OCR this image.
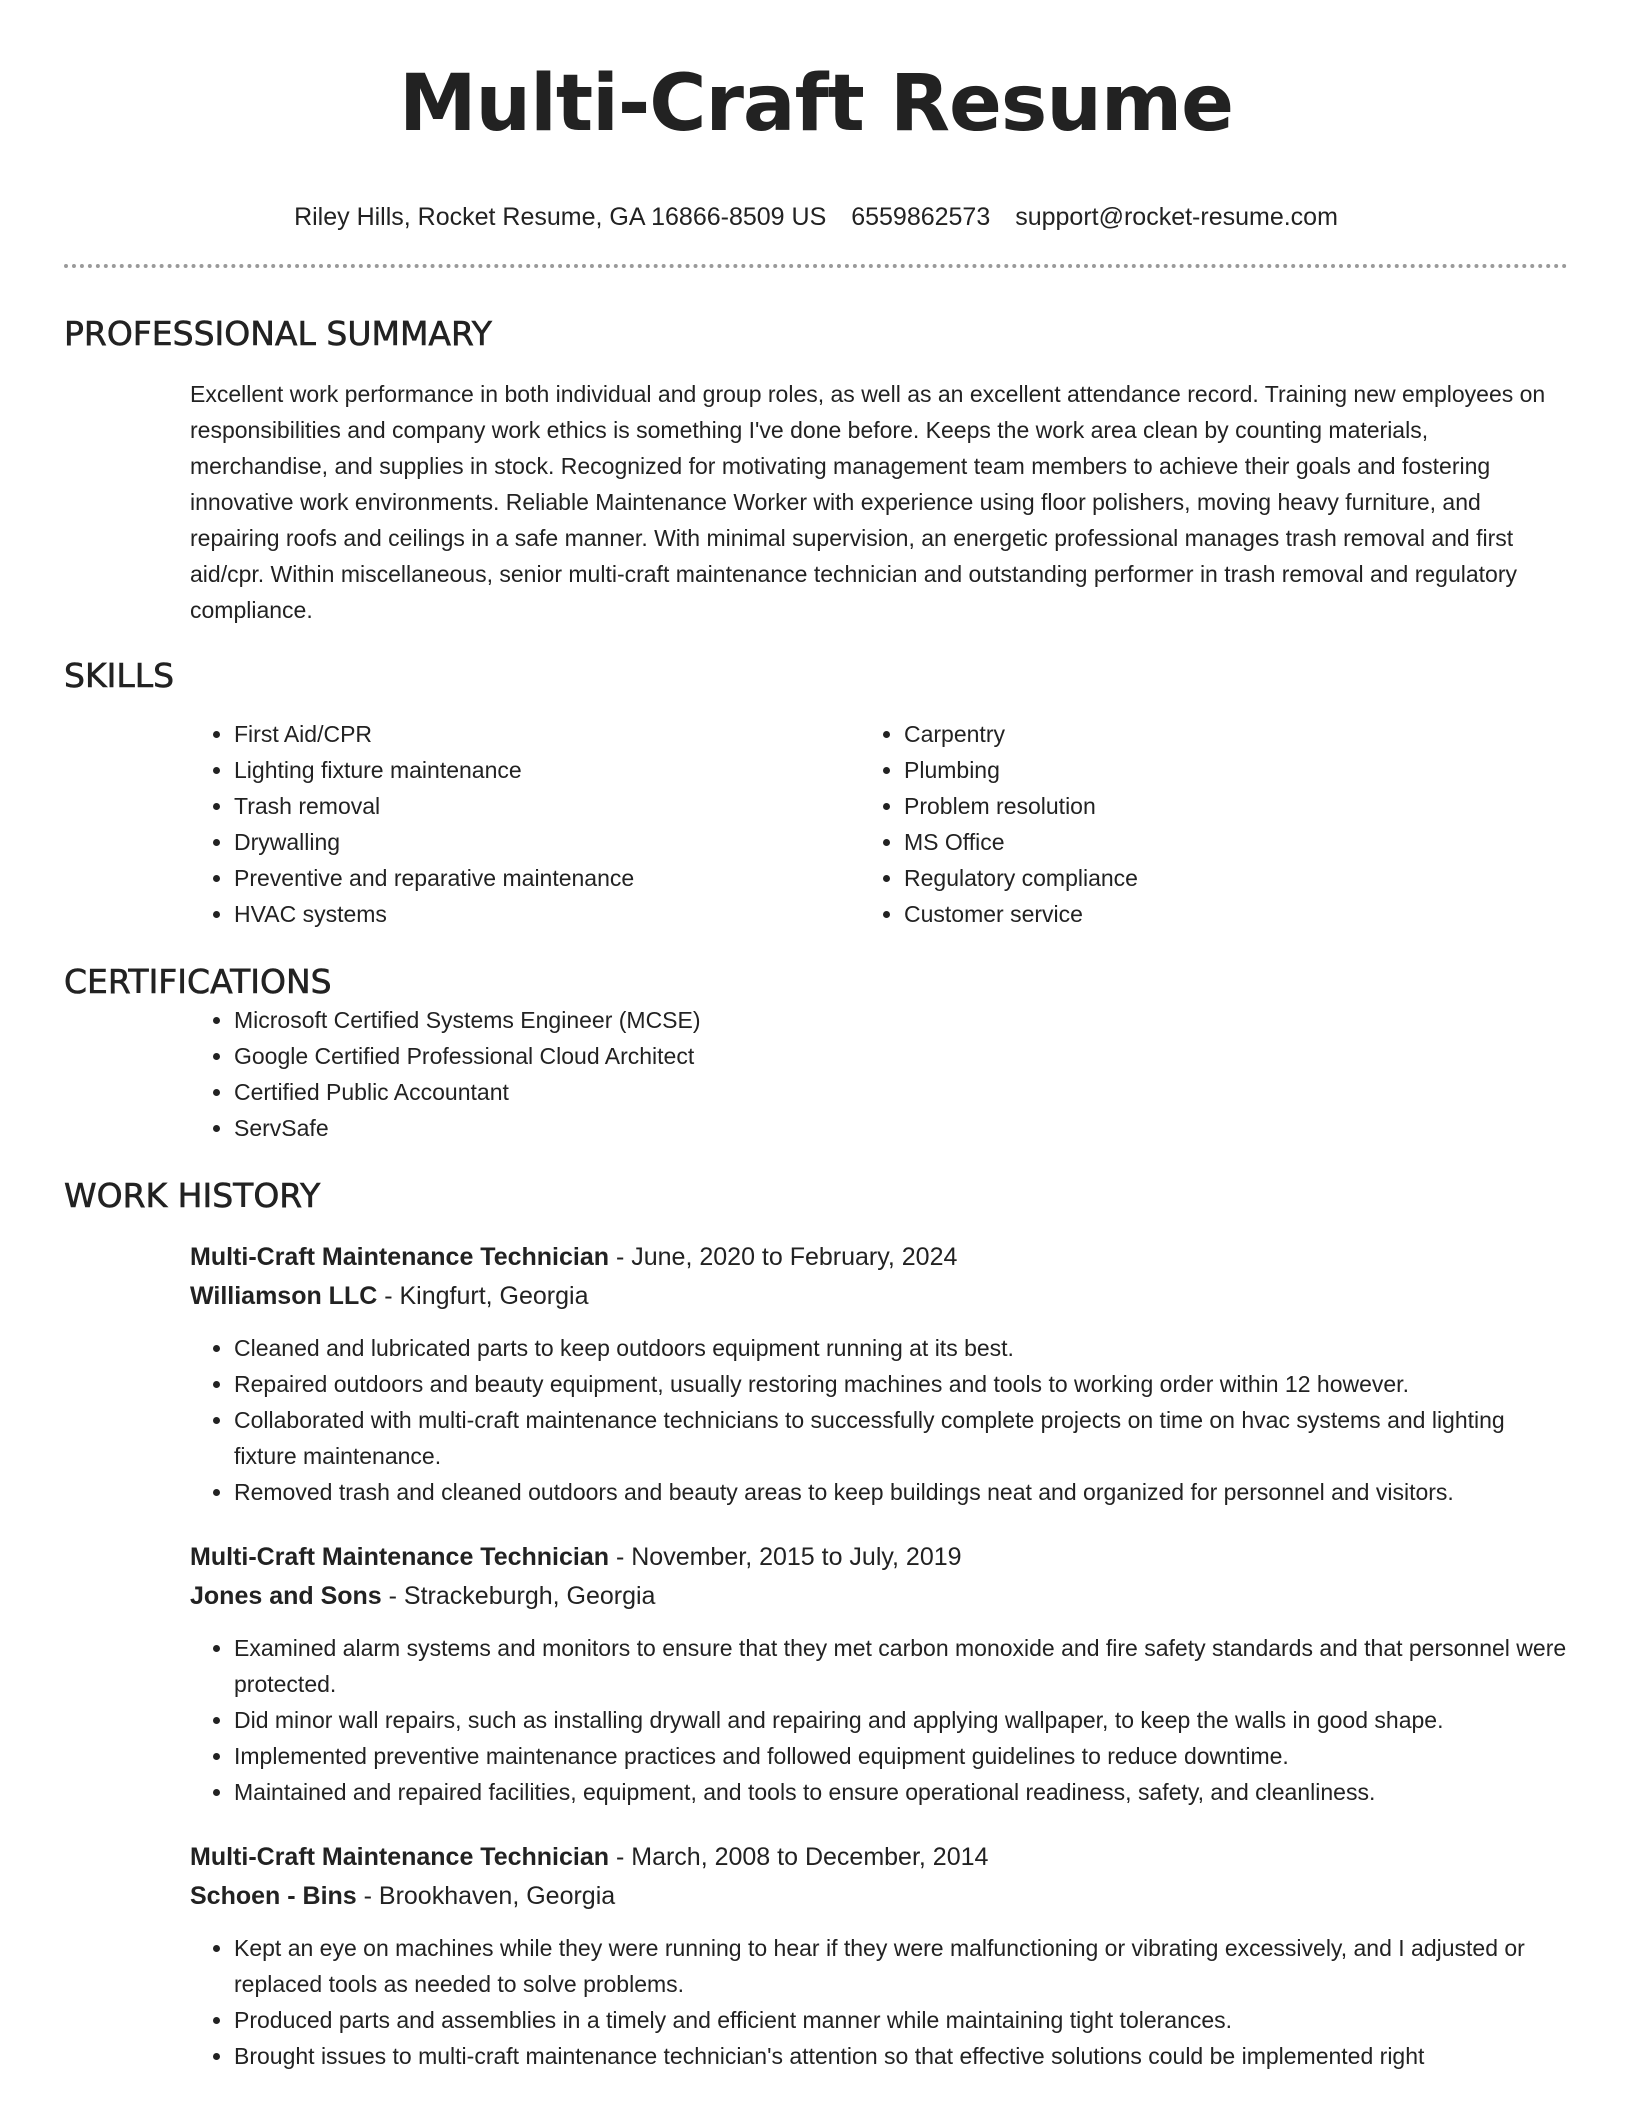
Multi-Craft Resume
Riley Hills, Rocket Resume, GA 16866-8509 US 6559862573 support@rocket-resume.com
PROFESSIONAL SUMMARY

Excellent work performance in both individual and group roles, as well as an excellent attendance record. Training new employees on responsibilities and company work ethics is something I've done before. Keeps the work area clean by counting materials, merchandise, and supplies in stock. Recognized for motivating management team members to achieve their goals and fostering innovative work environments. Reliable Maintenance Worker with experience using floor polishers, moving heavy furniture, and repairing roofs and ceilings in a safe manner. With minimal supervision, an energetic professional manages trash removal and first aid/cpr. Within miscellaneous, senior multi-craft maintenance technician and outstanding performer in trash removal and regulatory compliance.

SKILLS
• First Aid/CPR
• Lighting fixture maintenance
• Trash removal
• Drywalling
• Preventive and reparative maintenance
• HVAC systems
• Carpentry
• Plumbing
• Problem resolution
• MS Office
• Regulatory compliance
• Customer service
CERTIFICATIONS
• Microsoft Certified Systems Engineer (MCSE)
• Google Certified Professional Cloud Architect
• Certified Public Accountant
• ServSafe
WORK HISTORY
Multi-Craft Maintenance Technician - June, 2020 to February, 2024
Williamson LLC - Kingfurt, Georgia
• Cleaned and lubricated parts to keep outdoors equipment running at its best.
• Repaired outdoors and beauty equipment, usually restoring machines and tools to working order within 12 however.
• Collaborated with multi-craft maintenance technicians to successfully complete projects on time on hvac systems and lighting fixture maintenance.
• Removed trash and cleaned outdoors and beauty areas to keep buildings neat and organized for personnel and visitors.
Multi-Craft Maintenance Technician - November, 2015 to July, 2019
Jones and Sons - Strackeburgh, Georgia
• Examined alarm systems and monitors to ensure that they met carbon monoxide and fire safety standards and that personnel were protected.
• Did minor wall repairs, such as installing drywall and repairing and applying wallpaper, to keep the walls in good shape.
• Implemented preventive maintenance practices and followed equipment guidelines to reduce downtime.
• Maintained and repaired facilities, equipment, and tools to ensure operational readiness, safety, and cleanliness.
Multi-Craft Maintenance Technician - March, 2008 to December, 2014
Schoen - Bins - Brookhaven, Georgia
• Kept an eye on machines while they were running to hear if they were malfunctioning or vibrating excessively, and I adjusted or replaced tools as needed to solve problems.
• Produced parts and assemblies in a timely and efficient manner while maintaining tight tolerances.
• Brought issues to multi-craft maintenance technician's attention so that effective solutions could be implemented right
